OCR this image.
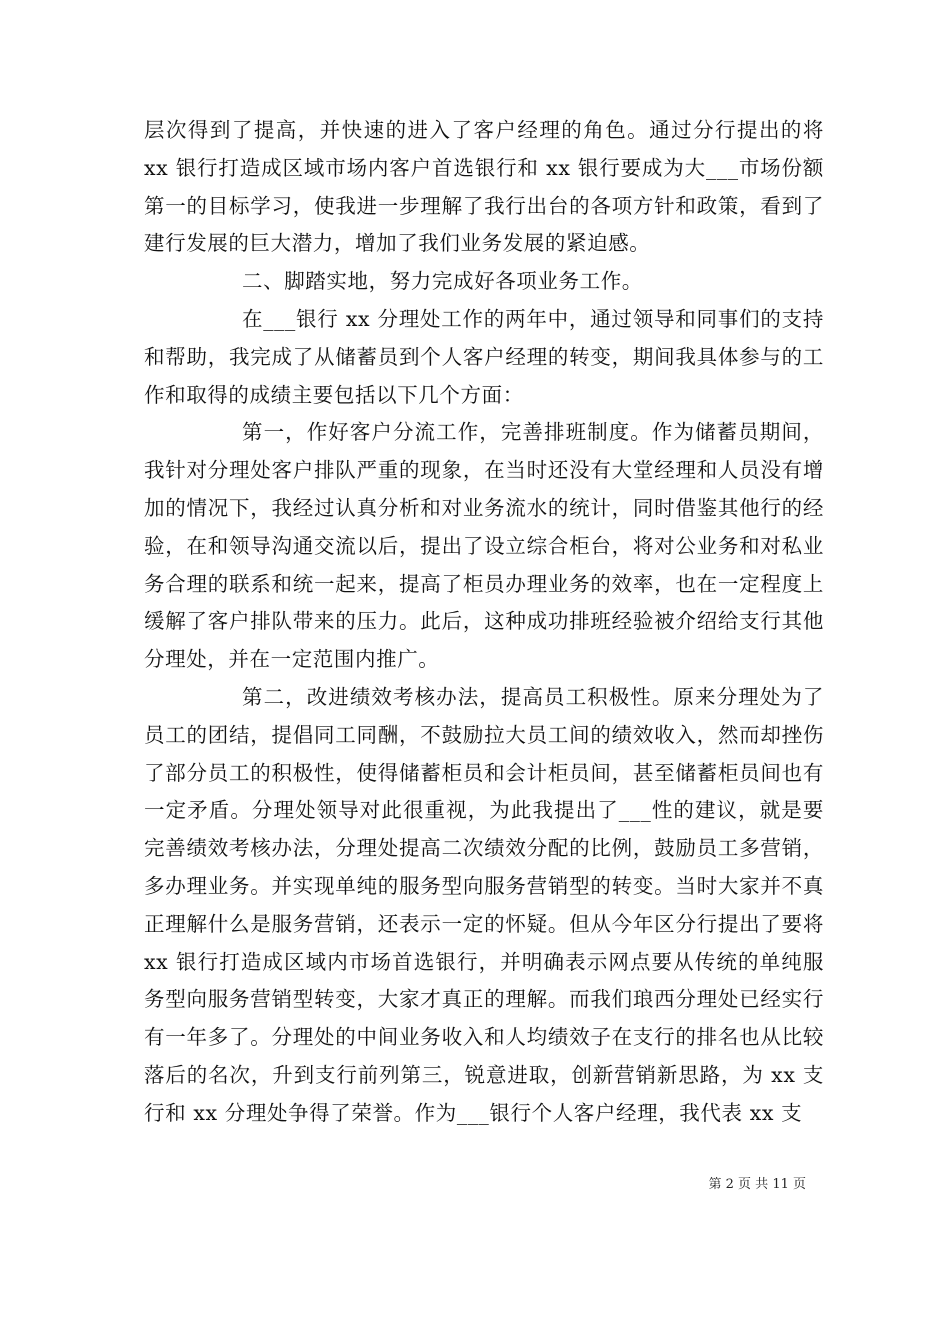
层次得到了提高，并快速的进入了客户经理的角色。通过分行提出的将 xx 银行打造成区域市场内客户首选银行和 xx 银行要成为大___市场份额第一的目标学习，使我进一步理解了我行出台的各项方针和政策，看到了建行发展的巨大潜力，增加了我们业务发展的紧迫感。

二、脚踏实地，努力完成好各项业务工作。

在___银行 xx 分理处工作的两年中，通过领导和同事们的支持和帮助，我完成了从储蓄员到个人客户经理的转变，期间我具体参与的工作和取得的成绩主要包括以下几个方面：

第一，作好客户分流工作，完善排班制度。作为储蓄员期间，我针对分理处客户排队严重的现象，在当时还没有大堂经理和人员没有增加的情况下，我经过认真分析和对业务流水的统计，同时借鉴其他行的经验，在和领导沟通交流以后，提出了设立综合柜台，将对公业务和对私业务合理的联系和统一起来，提高了柜员办理业务的效率，也在一定程度上缓解了客户排队带来的压力。此后，这种成功排班经验被介绍给支行其他分理处，并在一定范围内推广。

第二，改进绩效考核办法，提高员工积极性。原来分理处为了员工的团结，提倡同工同酬，不鼓励拉大员工间的绩效收入，然而却挫伤了部分员工的积极性，使得储蓄柜员和会计柜员间，甚至储蓄柜员间也有一定矛盾。分理处领导对此很重视，为此我提出了___性的建议，就是要完善绩效考核办法，分理处提高二次绩效分配的比例，鼓励员工多营销，多办理业务。并实现单纯的服务型向服务营销型的转变。当时大家并不真正理解什么是服务营销，还表示一定的怀疑。但从今年区分行提出了要将 xx 银行打造成区域内市场首选银行，并明确表示网点要从传统的单纯服务型向服务营销型转变，大家才真正的理解。而我们琅西分理处已经实行有一年多了。分理处的中间业务收入和人均绩效子在支行的排名也从比较落后的名次，升到支行前列第三，锐意进取，创新营销新思路，为 xx 支行和 xx 分理处争得了荣誉。作为___银行个人客户经理，我代表 xx 支

第 2 页 共 11 页
